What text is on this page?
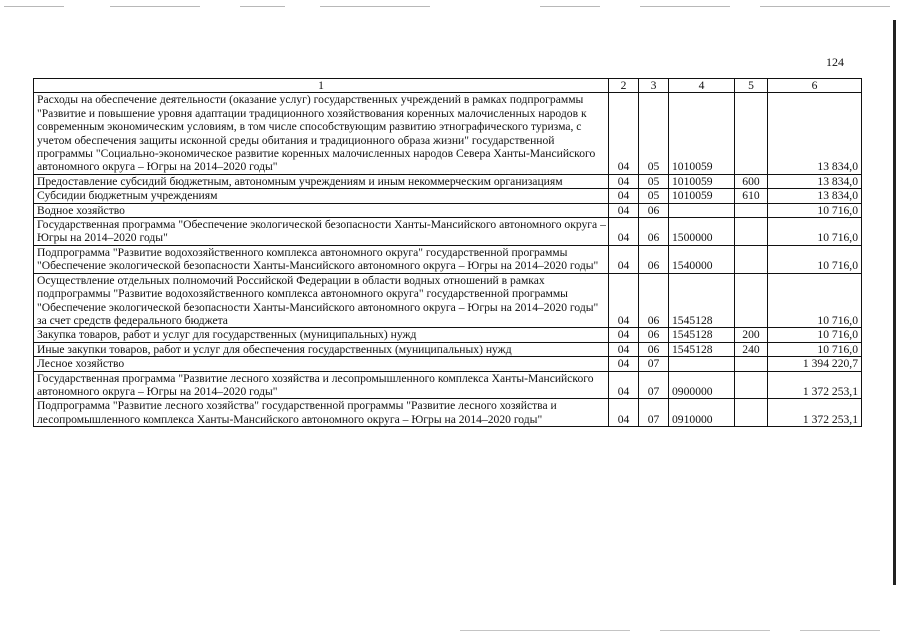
124
1	2	3	4	5	6
Расходы на обеспечение деятельности (оказание услуг) государственных учреждений в рамках подпрограммы "Развитие и повышение уровня адаптации традиционного хозяйствования коренных малочисленных народов к современным экономическим условиям, в том числе способствующим развитию этнографического туризма, с учетом обеспечения защиты исконной среды обитания и традиционного образа жизни" государственной программы "Социально-экономическое развитие коренных малочисленных народов Севера Ханты-Мансийского автономного округа – Югры на 2014–2020 годы"	04	05	1010059		13 834,0
Предоставление субсидий бюджетным, автономным учреждениям и иным некоммерческим организациям	04	05	1010059	600	13 834,0
Субсидии бюджетным учреждениям	04	05	1010059	610	13 834,0
Водное хозяйство	04	06			10 716,0
Государственная программа "Обеспечение экологической безопасности Ханты-Мансийского автономного округа – Югры на 2014–2020 годы"	04	06	1500000		10 716,0
Подпрограмма "Развитие водохозяйственного комплекса автономного округа" государственной программы "Обеспечение экологической безопасности Ханты-Мансийского автономного округа – Югры на 2014–2020 годы"	04	06	1540000		10 716,0
Осуществление отдельных полномочий Российской Федерации в области водных отношений в рамках подпрограммы "Развитие водохозяйственного комплекса автономного округа" государственной программы "Обеспечение экологической безопасности Ханты-Мансийского автономного округа – Югры на 2014–2020 годы" за счет средств федерального бюджета	04	06	1545128		10 716,0
Закупка товаров, работ и услуг для государственных (муниципальных) нужд	04	06	1545128	200	10 716,0
Иные закупки товаров, работ и услуг для обеспечения государственных (муниципальных) нужд	04	06	1545128	240	10 716,0
Лесное хозяйство	04	07			1 394 220,7
Государственная программа "Развитие лесного хозяйства и лесопромышленного комплекса Ханты-Мансийского автономного округа – Югры на 2014–2020 годы"	04	07	0900000		1 372 253,1
Подпрограмма "Развитие лесного хозяйства" государственной программы "Развитие лесного хозяйства и лесопромышленного комплекса Ханты-Мансийского автономного округа – Югры на 2014–2020 годы"	04	07	0910000		1 372 253,1
